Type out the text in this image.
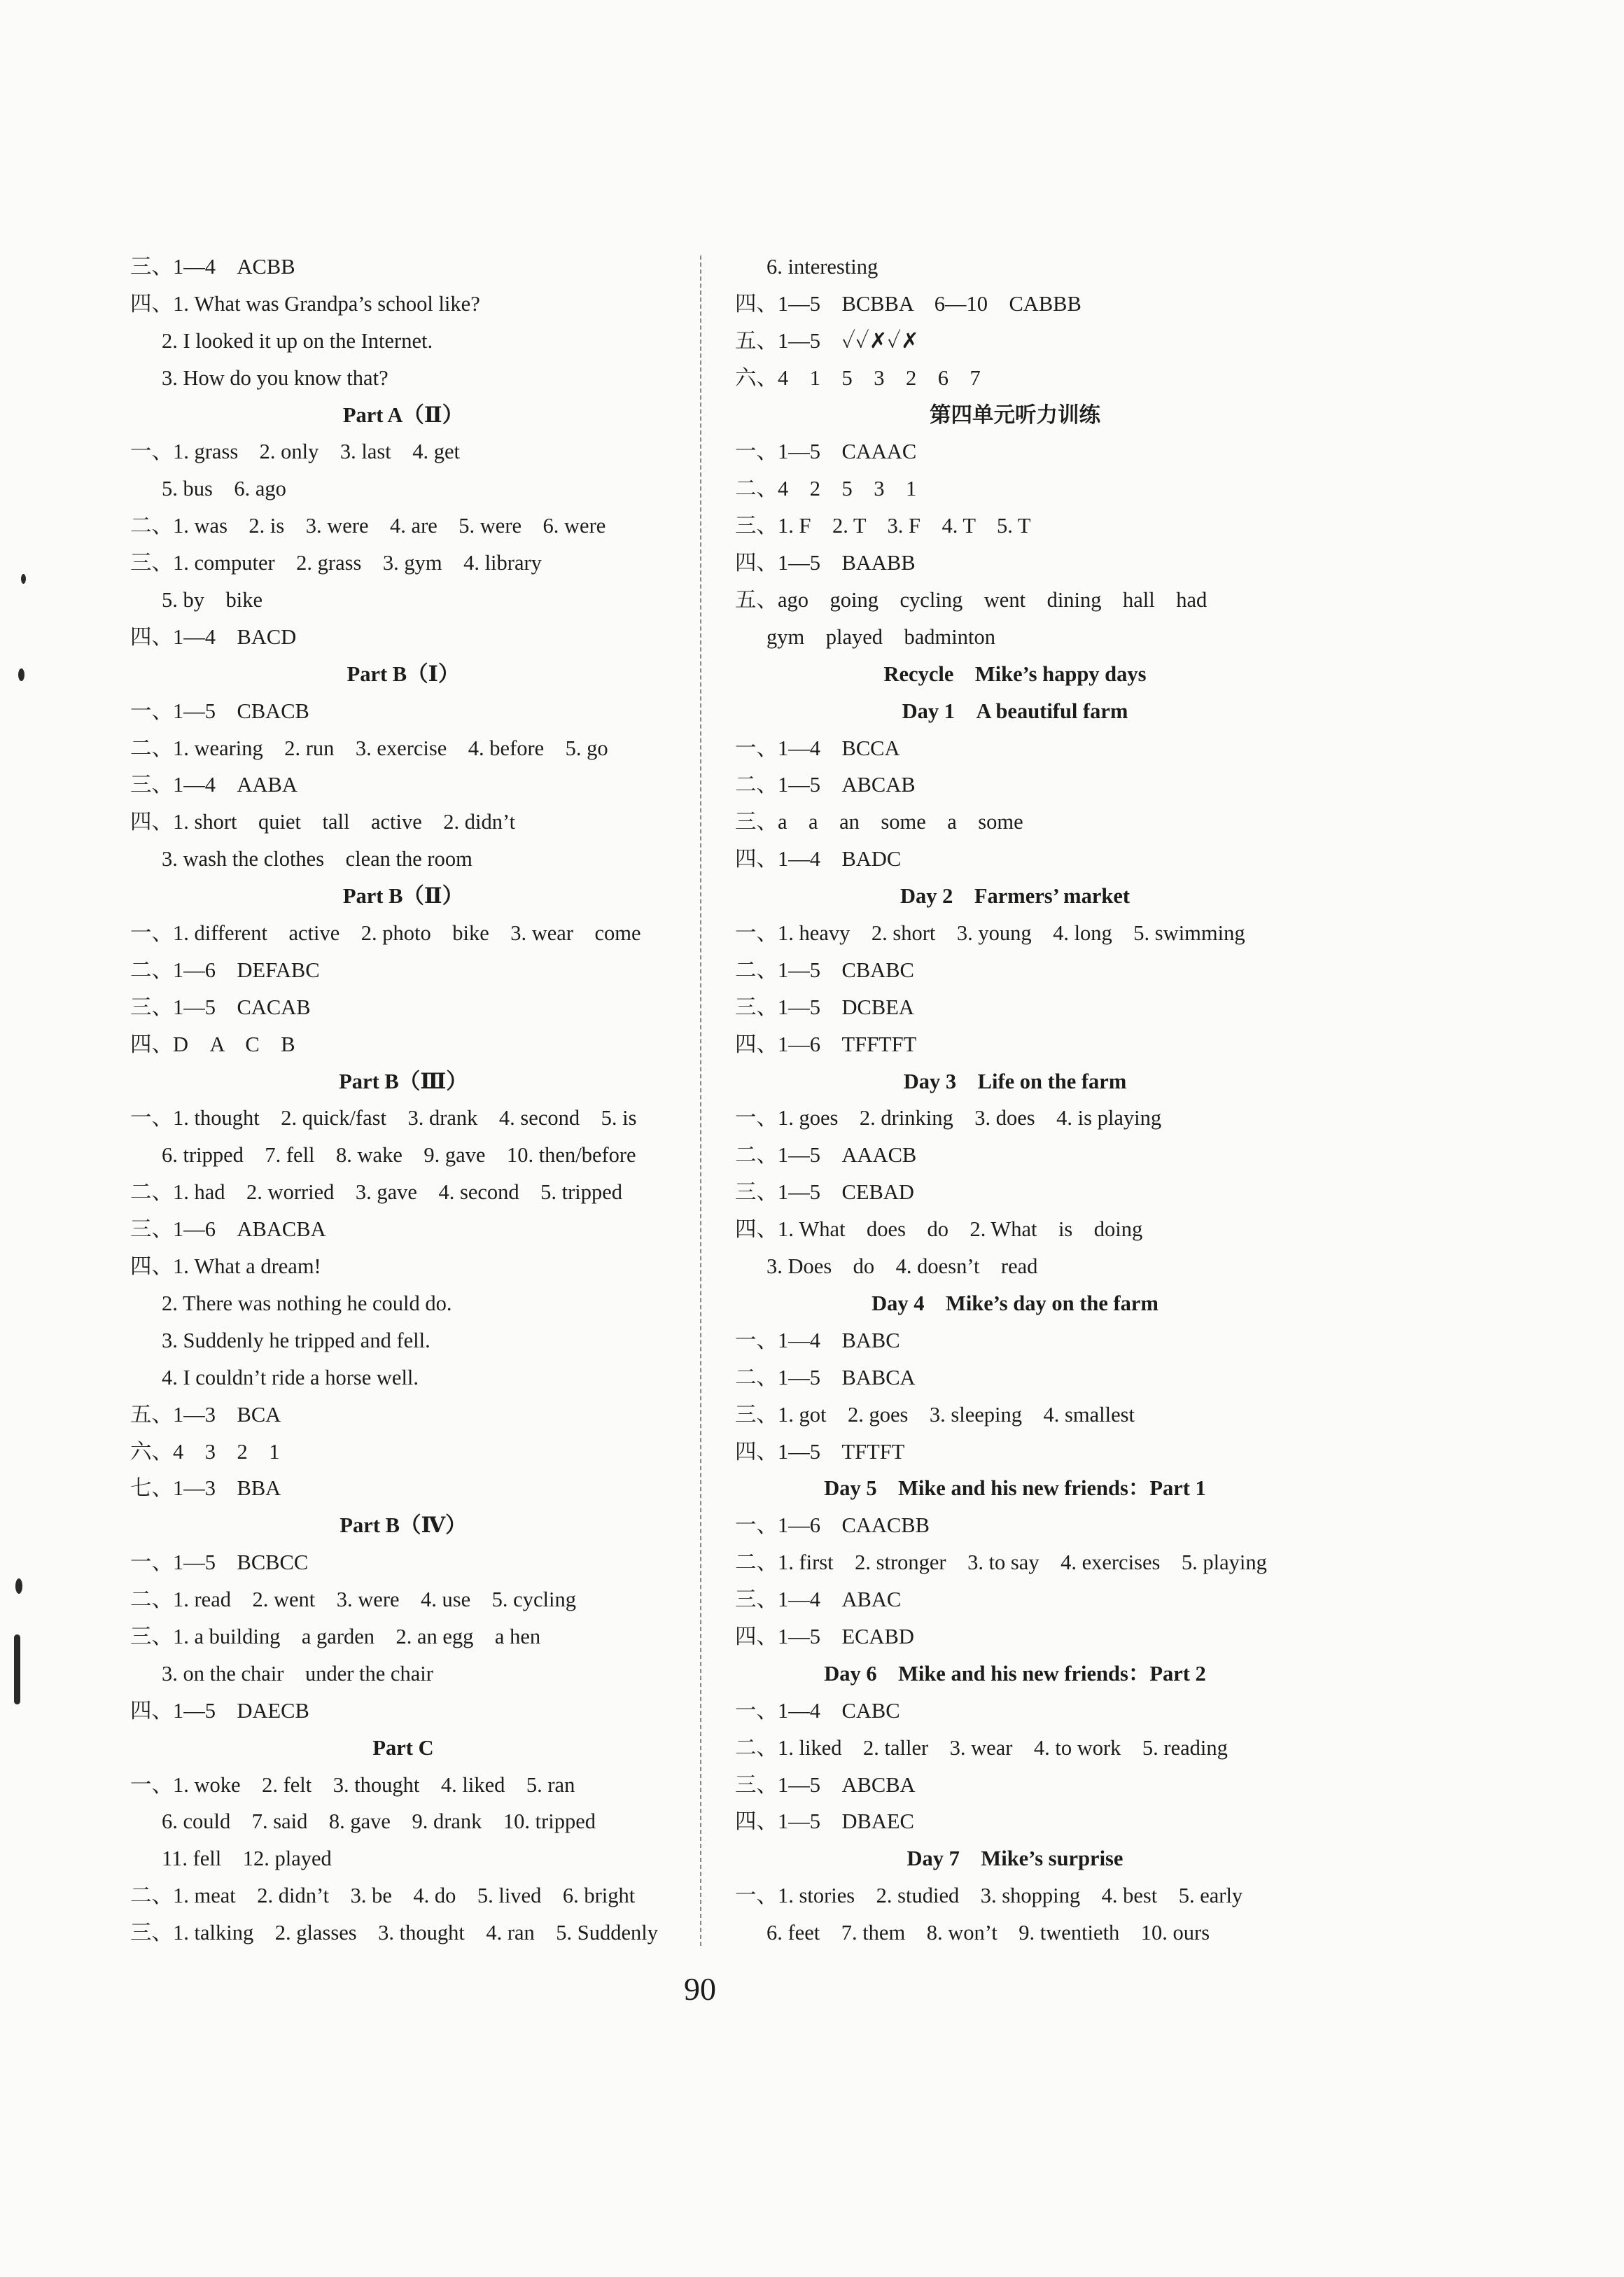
三、1—4　ACBB
四、1. What was Grandpa’s school like?
2. I looked it up on the Internet.
3. How do you know that?
Part A（Ⅱ）
一、1. grass　2. only　3. last　4. get
5. bus　6. ago
二、1. was　2. is　3. were　4. are　5. were　6. were
三、1. computer　2. grass　3. gym　4. library
5. by　bike
四、1—4　BACD
Part B（Ⅰ）
一、1—5　CBACB
二、1. wearing　2. run　3. exercise　4. before　5. go
三、1—4　AABA
四、1. short　quiet　tall　active　2. didn’t
3. wash the clothes　clean the room
Part B（Ⅱ）
一、1. different　active　2. photo　bike　3. wear　come
二、1—6　DEFABC
三、1—5　CACAB
四、D　A　C　B
Part B（Ⅲ）
一、1. thought　2. quick/fast　3. drank　4. second　5. is
6. tripped　7. fell　8. wake　9. gave　10. then/before
二、1. had　2. worried　3. gave　4. second　5. tripped
三、1—6　ABACBA
四、1. What a dream!
2. There was nothing he could do.
3. Suddenly he tripped and fell.
4. I couldn’t ride a horse well.
五、1—3　BCA
六、4　3　2　1
七、1—3　BBA
Part B（Ⅳ）
一、1—5　BCBCC
二、1. read　2. went　3. were　4. use　5. cycling
三、1. a building　a garden　2. an egg　a hen
3. on the chair　under the chair
四、1—5　DAECB
Part C
一、1. woke　2. felt　3. thought　4. liked　5. ran
6. could　7. said　8. gave　9. drank　10. tripped
11. fell　12. played
二、1. meat　2. didn’t　3. be　4. do　5. lived　6. bright
三、1. talking　2. glasses　3. thought　4. ran　5. Suddenly
6. interesting
四、1—5　BCBBA　6—10　CABBB
五、1—5　✓✓✗✓✗
六、4　1　5　3　2　6　7
第四单元听力训练
一、1—5　CAAAC
二、4　2　5　3　1
三、1. F　2. T　3. F　4. T　5. T
四、1—5　BAABB
五、ago　going　cycling　went　dining　hall　had
gym　played　badminton
Recycle　Mike’s happy days
Day 1　A beautiful farm
一、1—4　BCCA
二、1—5　ABCAB
三、a　a　an　some　a　some
四、1—4　BADC
Day 2　Farmers’ market
一、1. heavy　2. short　3. young　4. long　5. swimming
二、1—5　CBABC
三、1—5　DCBEA
四、1—6　TFFTFT
Day 3　Life on the farm
一、1. goes　2. drinking　3. does　4. is playing
二、1—5　AAACB
三、1—5　CEBAD
四、1. What　does　do　2. What　is　doing
3. Does　do　4. doesn’t　read
Day 4　Mike’s day on the farm
一、1—4　BABC
二、1—5　BABCA
三、1. got　2. goes　3. sleeping　4. smallest
四、1—5　TFTFT
Day 5　Mike and his new friends：Part 1
一、1—6　CAACBB
二、1. first　2. stronger　3. to say　4. exercises　5. playing
三、1—4　ABAC
四、1—5　ECABD
Day 6　Mike and his new friends：Part 2
一、1—4　CABC
二、1. liked　2. taller　3. wear　4. to work　5. reading
三、1—5　ABCBA
四、1—5　DBAEC
Day 7　Mike’s surprise
一、1. stories　2. studied　3. shopping　4. best　5. early
6. feet　7. them　8. won’t　9. twentieth　10. ours
90
